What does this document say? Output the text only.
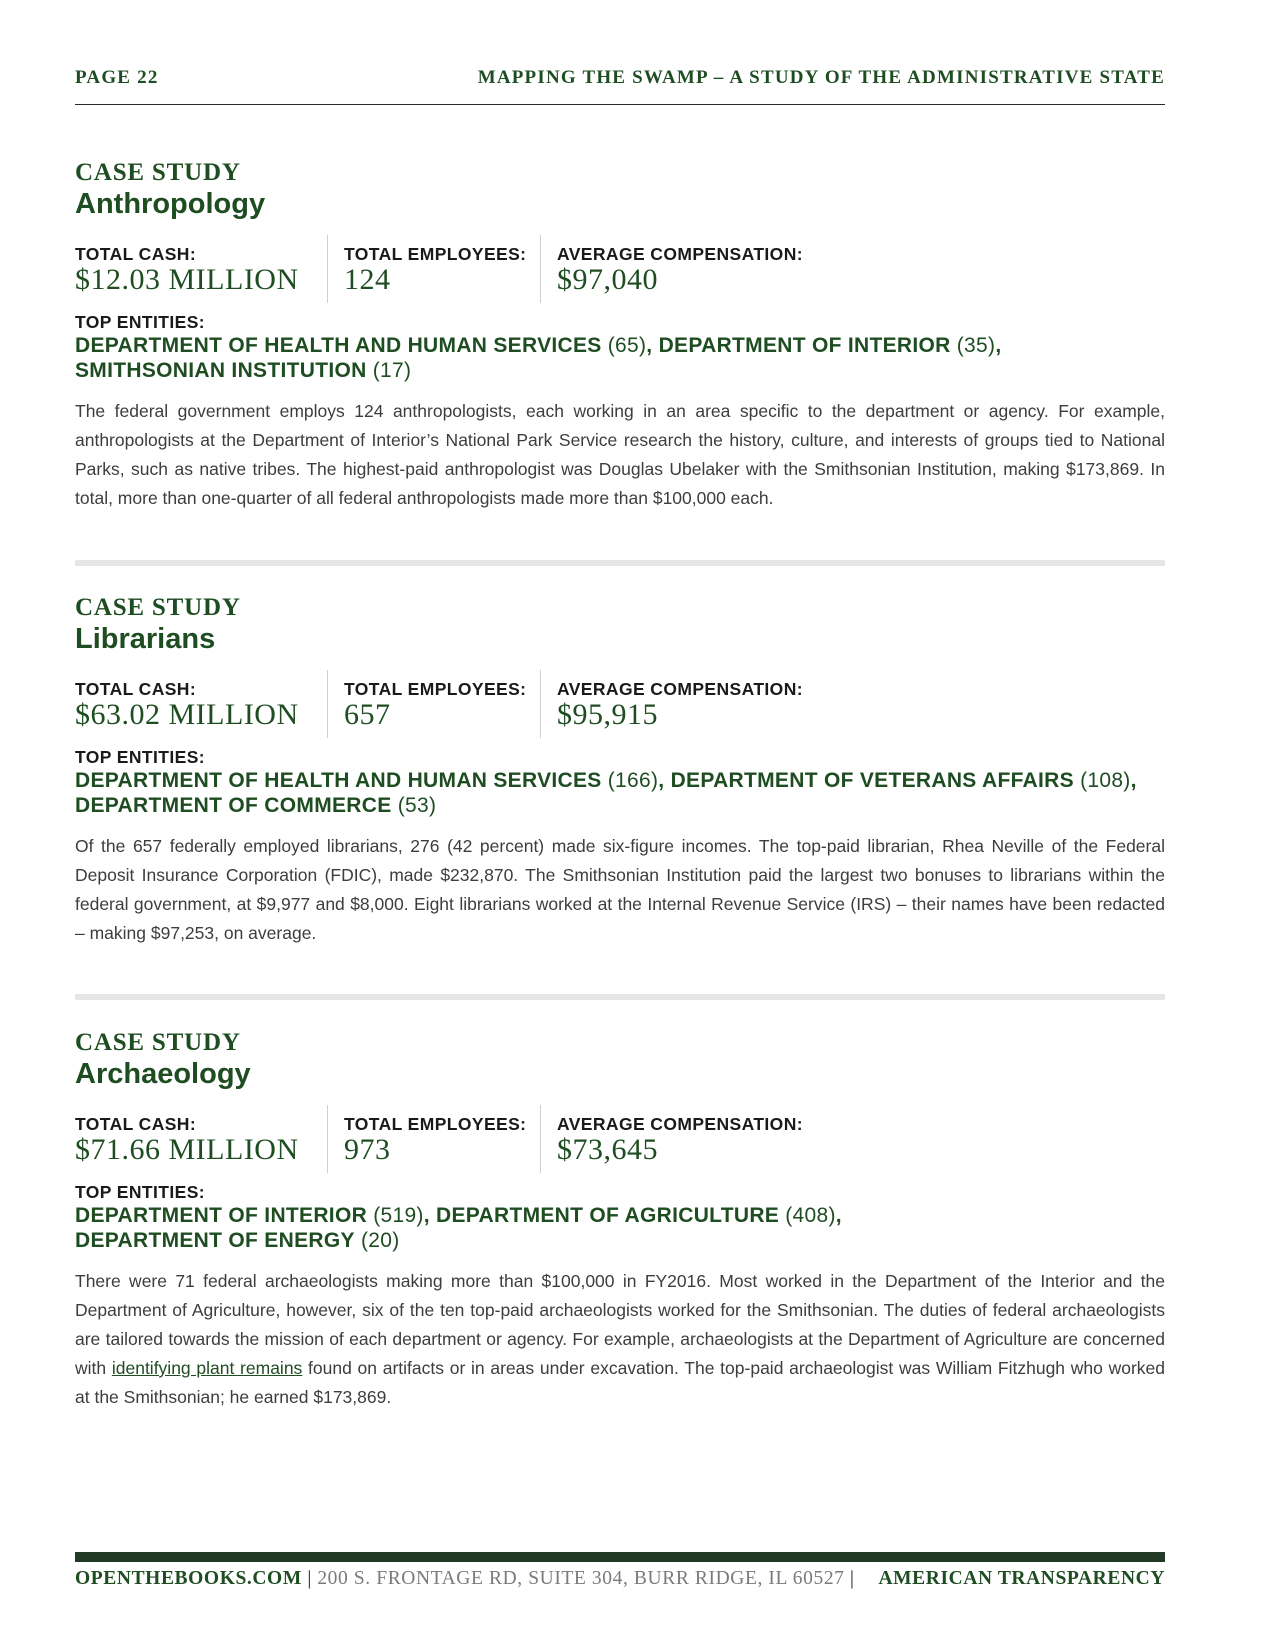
PAGE 22	MAPPING THE SWAMP – A STUDY OF THE ADMINISTRATIVE STATE
CASE STUDY
Anthropology
TOTAL CASH:
$12.03 MILLION
TOTAL EMPLOYEES:
124
AVERAGE COMPENSATION:
$97,040
TOP ENTITIES:
DEPARTMENT OF HEALTH AND HUMAN SERVICES (65), DEPARTMENT OF INTERIOR (35),
SMITHSONIAN INSTITUTION (17)
The federal government employs 124 anthropologists, each working in an area specific to the department or agency. For example, anthropologists at the Department of Interior’s National Park Service research the history, culture, and interests of groups tied to National Parks, such as native tribes. The highest-paid anthropologist was Douglas Ubelaker with the Smithsonian Institution, making $173,869. In total, more than one-quarter of all federal anthropologists made more than $100,000 each.
CASE STUDY
Librarians
TOTAL CASH:
$63.02 MILLION
TOTAL EMPLOYEES:
657
AVERAGE COMPENSATION:
$95,915
TOP ENTITIES:
DEPARTMENT OF HEALTH AND HUMAN SERVICES (166), DEPARTMENT OF VETERANS AFFAIRS (108),
DEPARTMENT OF COMMERCE (53)
Of the 657 federally employed librarians, 276 (42 percent) made six-figure incomes. The top-paid librarian, Rhea Neville of the Federal Deposit Insurance Corporation (FDIC), made $232,870. The Smithsonian Institution paid the largest two bonuses to librarians within the federal government, at $9,977 and $8,000. Eight librarians worked at the Internal Revenue Service (IRS) – their names have been redacted – making $97,253, on average.
CASE STUDY
Archaeology
TOTAL CASH:
$71.66 MILLION
TOTAL EMPLOYEES:
973
AVERAGE COMPENSATION:
$73,645
TOP ENTITIES:
DEPARTMENT OF INTERIOR (519), DEPARTMENT OF AGRICULTURE (408),
DEPARTMENT OF ENERGY (20)
There were 71 federal archaeologists making more than $100,000 in FY2016. Most worked in the Department of the Interior and the Department of Agriculture, however, six of the ten top-paid archaeologists worked for the Smithsonian. The duties of federal archaeologists are tailored towards the mission of each department or agency. For example, archaeologists at the Department of Agriculture are concerned with identifying plant remains found on artifacts or in areas under excavation. The top-paid archaeologist was William Fitzhugh who worked at the Smithsonian; he earned $173,869.
OPENTHEBOOKS.COM | 200 S. FRONTAGE RD, SUITE 304, BURR RIDGE, IL 60527 | AMERICAN TRANSPARENCY
